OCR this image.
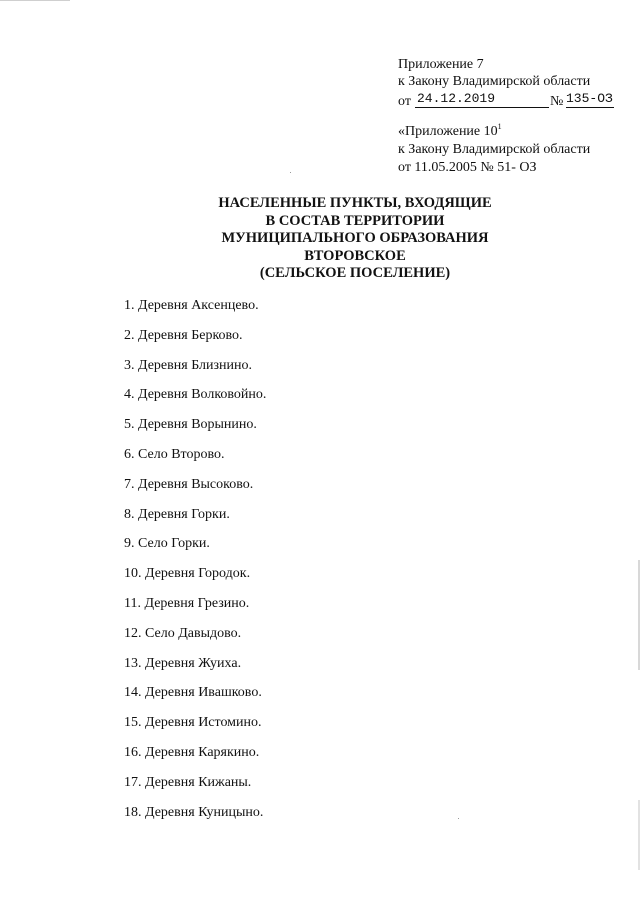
Приложение 7
к Закону Владимирской области
от 24.12.2019	№ 135-ОЗ
«Приложение $10^1$
к Закону Владимирской области
от 11.05.2005 № 51- ОЗ
НАСЕЛЕННЫЕ ПУНКТЫ, ВХОДЯЩИЕ
В СОСТАВ ТЕРРИТОРИИ
МУНИЦИПАЛЬНОГО ОБРАЗОВАНИЯ
ВТОРОВСКОЕ
(СЕЛЬСКОЕ ПОСЕЛЕНИЕ)
1. Деревня Аксенцево.
2. Деревня Берково.
3. Деревня Близнино.
4. Деревня Волковойно.
5. Деревня Ворынино.
6. Село Второво.
7. Деревня Высоково.
8. Деревня Горки.
9. Село Горки.
10. Деревня Городок.
11. Деревня Грезино.
12. Село Давыдово.
13. Деревня Жуиха.
14. Деревня Ивашково.
15. Деревня Истомино.
16. Деревня Карякино.
17. Деревня Кижаны.
18. Деревня Куницыно.
